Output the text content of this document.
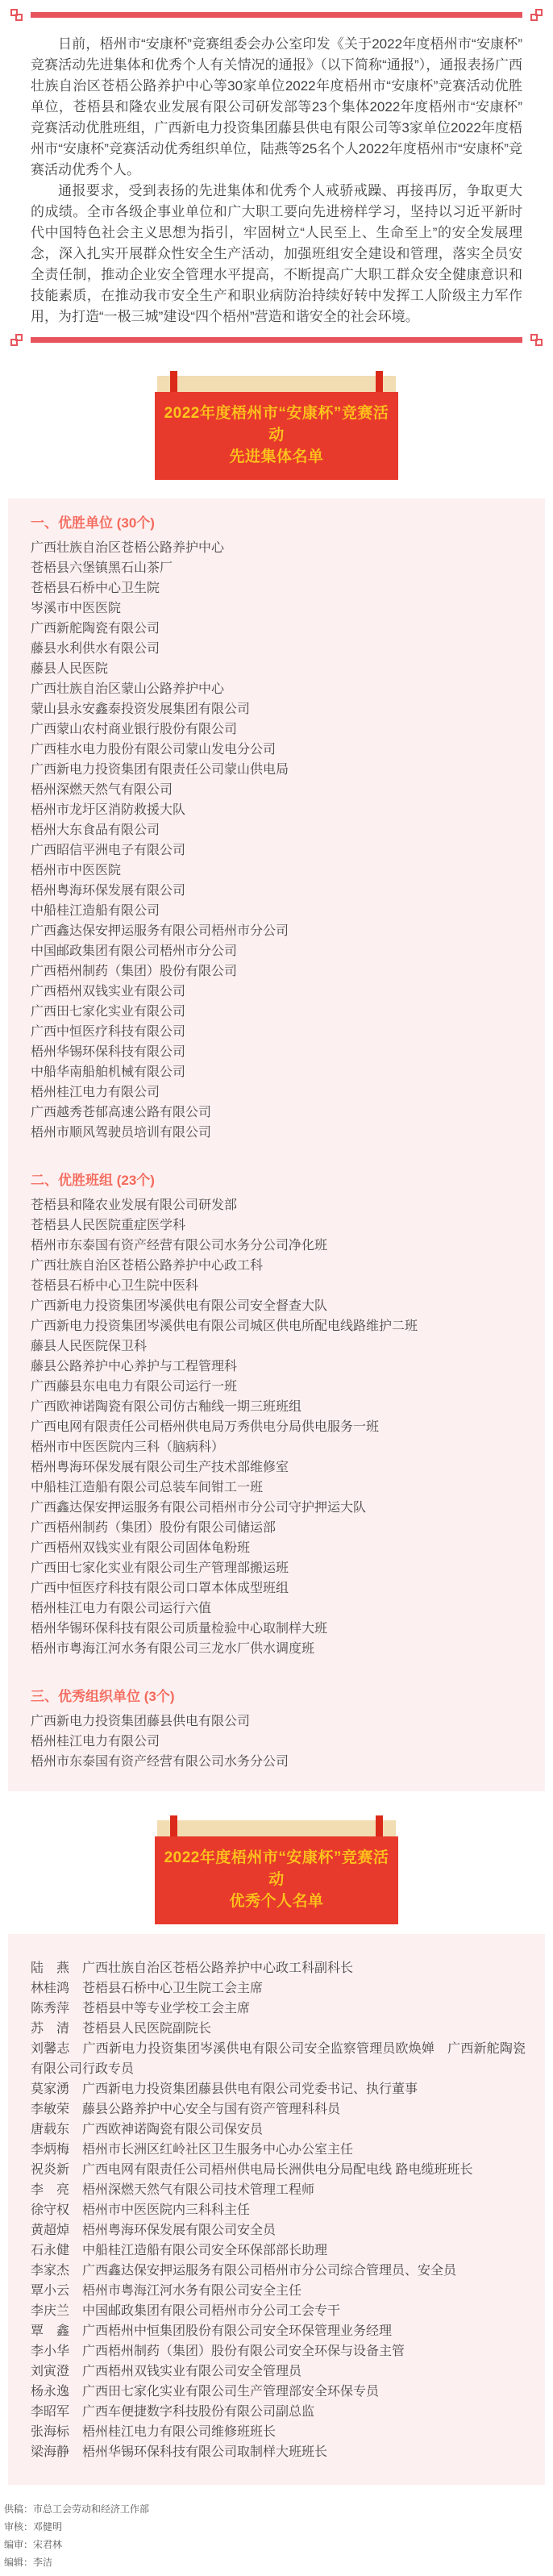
日前，梧州市“安康杯”竞赛组委会办公室印发《关于2022年度梧州市“安康杯”竞赛活动先进集体和优秀个人有关情况的通报》（以下简称“通报”），通报表扬广西壮族自治区苍梧公路养护中心等30家单位2022年度梧州市“安康杯”竞赛活动优胜单位，苍梧县和隆农业发展有限公司研发部等23个集体2022年度梧州市“安康杯”竞赛活动优胜班组，广西新电力投资集团藤县供电有限公司等3家单位2022年度梧州市“安康杯”竞赛活动优秀组织单位，陆燕等25名个人2022年度梧州市“安康杯”竞赛活动优秀个人。

通报要求，受到表扬的先进集体和优秀个人戒骄戒躁、再接再厉，争取更大的成绩。全市各级企事业单位和广大职工要向先进榜样学习，坚持以习近平新时代中国特色社会主义思想为指引，牢固树立“人民至上、生命至上”的安全发展理念，深入扎实开展群众性安全生产活动，加强班组安全建设和管理，落实全员安全责任制，推动企业安全管理水平提高，不断提高广大职工群众安全健康意识和技能素质，在推动我市安全生产和职业病防治持续好转中发挥工人阶级主力军作用，为打造“一极三城”建设“四个梧州”营造和谐安全的社会环境。

2022年度梧州市“安康杯”竞赛活动
先进集体名单
一、优胜单位 (30个)
广西壮族自治区苍梧公路养护中心
苍梧县六堡镇黑石山茶厂
苍梧县石桥中心卫生院
岑溪市中医医院
广西新舵陶瓷有限公司
藤县水利供水有限公司
藤县人民医院
广西壮族自治区蒙山公路养护中心
蒙山县永安鑫泰投资发展集团有限公司
广西蒙山农村商业银行股份有限公司
广西桂水电力股份有限公司蒙山发电分公司
广西新电力投资集团有限责任公司蒙山供电局
梧州深燃天然气有限公司
梧州市龙圩区消防救援大队
梧州大东食品有限公司
广西昭信平洲电子有限公司
梧州市中医医院
梧州粤海环保发展有限公司
中船桂江造船有限公司
广西鑫达保安押运服务有限公司梧州市分公司
中国邮政集团有限公司梧州市分公司
广西梧州制药（集团）股份有限公司
广西梧州双钱实业有限公司
广西田七家化实业有限公司
广西中恒医疗科技有限公司
梧州华锡环保科技有限公司
中船华南船舶机械有限公司
梧州桂江电力有限公司
广西越秀苍郁高速公路有限公司
梧州市顺风驾驶员培训有限公司
二、优胜班组 (23个)
苍梧县和隆农业发展有限公司研发部
苍梧县人民医院重症医学科
梧州市东泰国有资产经营有限公司水务分公司净化班
广西壮族自治区苍梧公路养护中心政工科
苍梧县石桥中心卫生院中医科
广西新电力投资集团岑溪供电有限公司安全督查大队
广西新电力投资集团岑溪供电有限公司城区供电所配电线路维护二班
藤县人民医院保卫科
藤县公路养护中心养护与工程管理科
广西藤县东电电力有限公司运行一班
广西欧神诺陶瓷有限公司仿古釉线一期三班班组
广西电网有限责任公司梧州供电局万秀供电分局供电服务一班
梧州市中医医院内三科（脑病科）
梧州粤海环保发展有限公司生产技术部维修室
中船桂江造船有限公司总装车间钳工一班
广西鑫达保安押运服务有限公司梧州市分公司守护押运大队
广西梧州制药（集团）股份有限公司储运部
广西梧州双钱实业有限公司固体龟粉班
广西田七家化实业有限公司生产管理部搬运班
广西中恒医疗科技有限公司口罩本体成型班组
梧州桂江电力有限公司运行六值
梧州华锡环保科技有限公司质量检验中心取制样大班
梧州市粤海江河水务有限公司三龙水厂供水调度班
三、优秀组织单位 (3个)
广西新电力投资集团藤县供电有限公司
梧州桂江电力有限公司
梧州市东泰国有资产经营有限公司水务分公司
2022年度梧州市“安康杯”竞赛活动
优秀个人名单
陆　燕　广西壮族自治区苍梧公路养护中心政工科副科长
林桂鸿　苍梧县石桥中心卫生院工会主席
陈秀萍　苍梧县中等专业学校工会主席
苏　清　苍梧县人民医院副院长
刘馨志　广西新电力投资集团岑溪供电有限公司安全监察管理员欧焕婵　广西新舵陶瓷有限公司行政专员
莫家湧　广西新电力投资集团藤县供电有限公司党委书记、执行董事
李敏荣　藤县公路养护中心安全与国有资产管理科科员
唐载东　广西欧神诺陶瓷有限公司保安员
李炳梅　梧州市长洲区红岭社区卫生服务中心办公室主任
祝炎新　广西电网有限责任公司梧州供电局长洲供电分局配电线 路电缆班班长
李　亮　梧州深燃天然气有限公司技术管理工程师
徐守权　梧州市中医医院内三科科主任
黄超焯　梧州粤海环保发展有限公司安全员
石永健　中船桂江造船有限公司安全环保部部长助理
李家杰　广西鑫达保安押运服务有限公司梧州市分公司综合管理员、安全员
覃小云　梧州市粤海江河水务有限公司安全主任
李庆兰　中国邮政集团有限公司梧州市分公司工会专干
覃　鑫　广西梧州中恒集团股份有限公司安全环保管理业务经理
李小华　广西梧州制药（集团）股份有限公司安全环保与设备主管
刘寅澄　广西梧州双钱实业有限公司安全管理员
杨永逸　广西田七家化实业有限公司生产管理部安全环保专员
李昭军　广西车便捷数字科技股份有限公司副总监
张海标　梧州桂江电力有限公司维修班班长
梁海静　梧州华锡环保科技有限公司取制样大班班长
供稿：市总工会劳动和经济工作部
审核：邓健明
编审：宋君林
编辑：李洁
